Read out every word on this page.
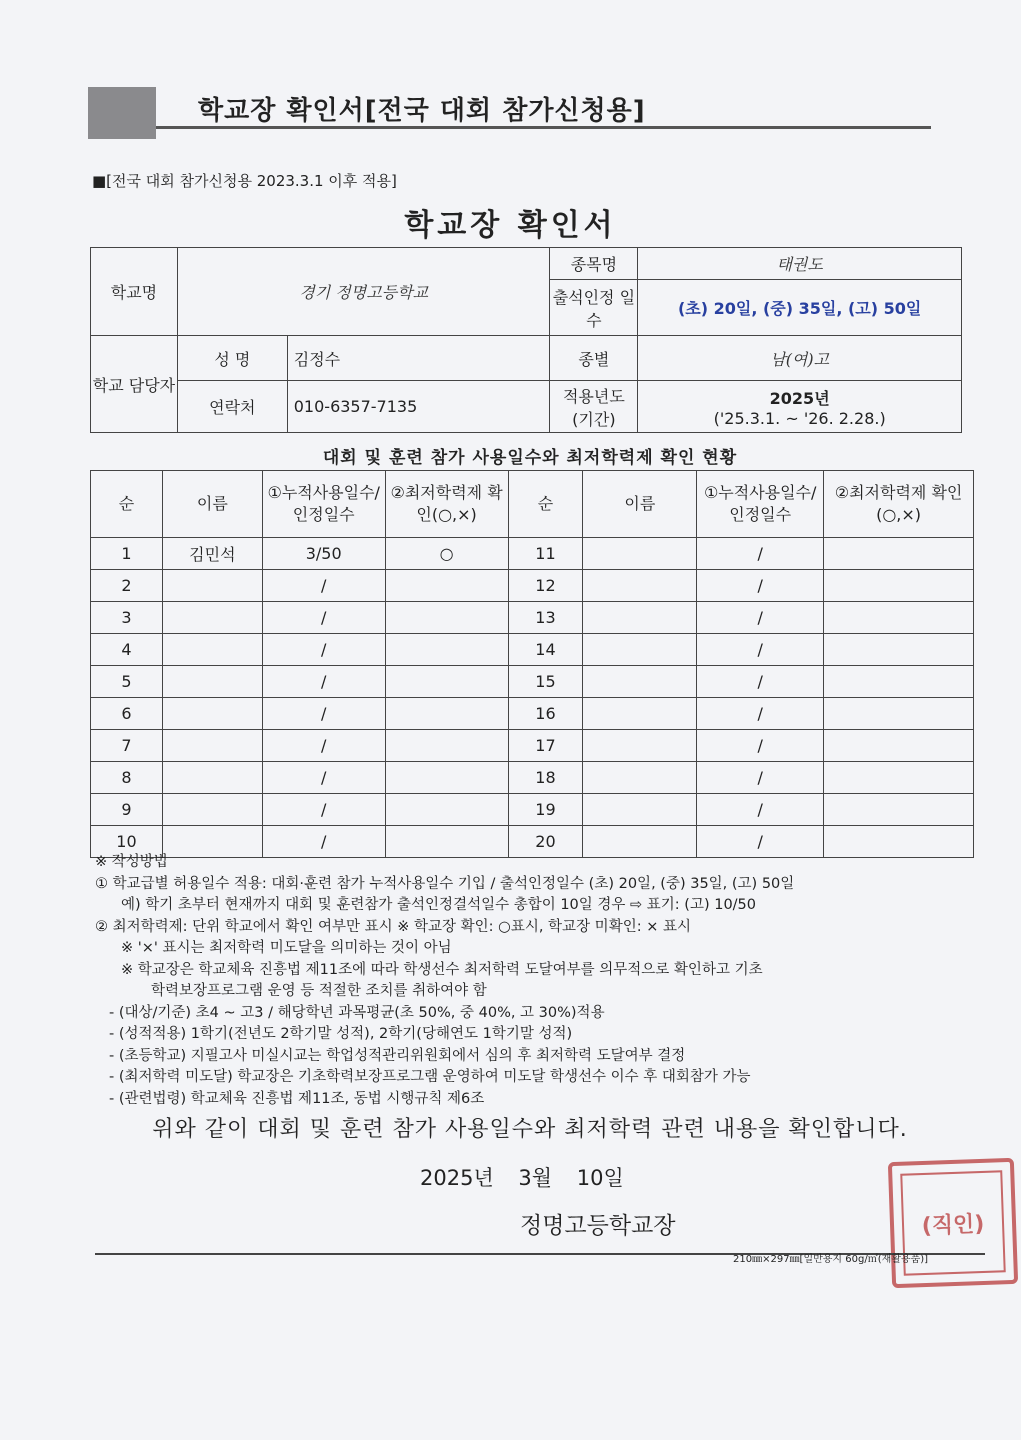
학교장 확인서[전국 대회 참가신청용]
■[전국 대회 참가신청용 2023.3.1 이후 적용]
학교장 확인서
학교명	경기 정명고등학교		종목명	태권도
			출석인정 일수	(초) 20일, (중) 35일, (고) 50일
학교 담당자	성 명	김정수	종별	남(여)고
	연락처	010-6357-7135	적용년도 (기간)	2025년
('25.3.1. ~ '26. 2.28.)
대회 및 훈련 참가 사용일수와 최저학력제 확인 현황
순	이름	①누적사용일수/인정일수	②최저학력제 확인(○,×)	순	이름	①누적사용일수/인정일수	②최저학력제 확인(○,×)
1	김민석	3/50	○	11		/	
2		/		12		/	
3		/		13		/	
4		/		14		/	
5		/		15		/	
6		/		16		/	
7		/		17		/	
8		/		18		/	
9		/		19		/	
10		/		20		/	
※ 작성방법
① 학교급별 허용일수 적용: 대회·훈련 참가 누적사용일수 기입 / 출석인정일수 (초) 20일, (중) 35일, (고) 50일
예) 학기 초부터 현재까지 대회 및 훈련참가 출석인정결석일수 총합이 10일 경우 ⇨ 표기: (고) 10/50
② 최저학력제: 단위 학교에서 확인 여부만 표시 ※ 학교장 확인: ○표시, 학교장 미확인: × 표시
※ '×' 표시는 최저학력 미도달을 의미하는 것이 아님
※ 학교장은 학교체육 진흥법 제11조에 따라 학생선수 최저학력 도달여부를 의무적으로 확인하고 기초
학력보장프로그램 운영 등 적절한 조치를 취하여야 함
- (대상/기준) 초4 ~ 고3 / 해당학년 과목평균(초 50%, 중 40%, 고 30%)적용
- (성적적용) 1학기(전년도 2학기말 성적), 2학기(당해연도 1학기말 성적)
- (초등학교) 지필고사 미실시교는 학업성적관리위원회에서 심의 후 최저학력 도달여부 결정
- (최저학력 미도달) 학교장은 기초학력보장프로그램 운영하여 미도달 학생선수 이수 후 대회참가 가능
- (관련법령) 학교체육 진흥법 제11조, 동법 시행규칙 제6조
위와 같이 대회 및 훈련 참가 사용일수와 최저학력 관련 내용을 확인합니다.
2025년 3월 10일
정명고등학교장	(직인)
210㎜×297㎜[일반용지 60g/㎡(재활용품)]
